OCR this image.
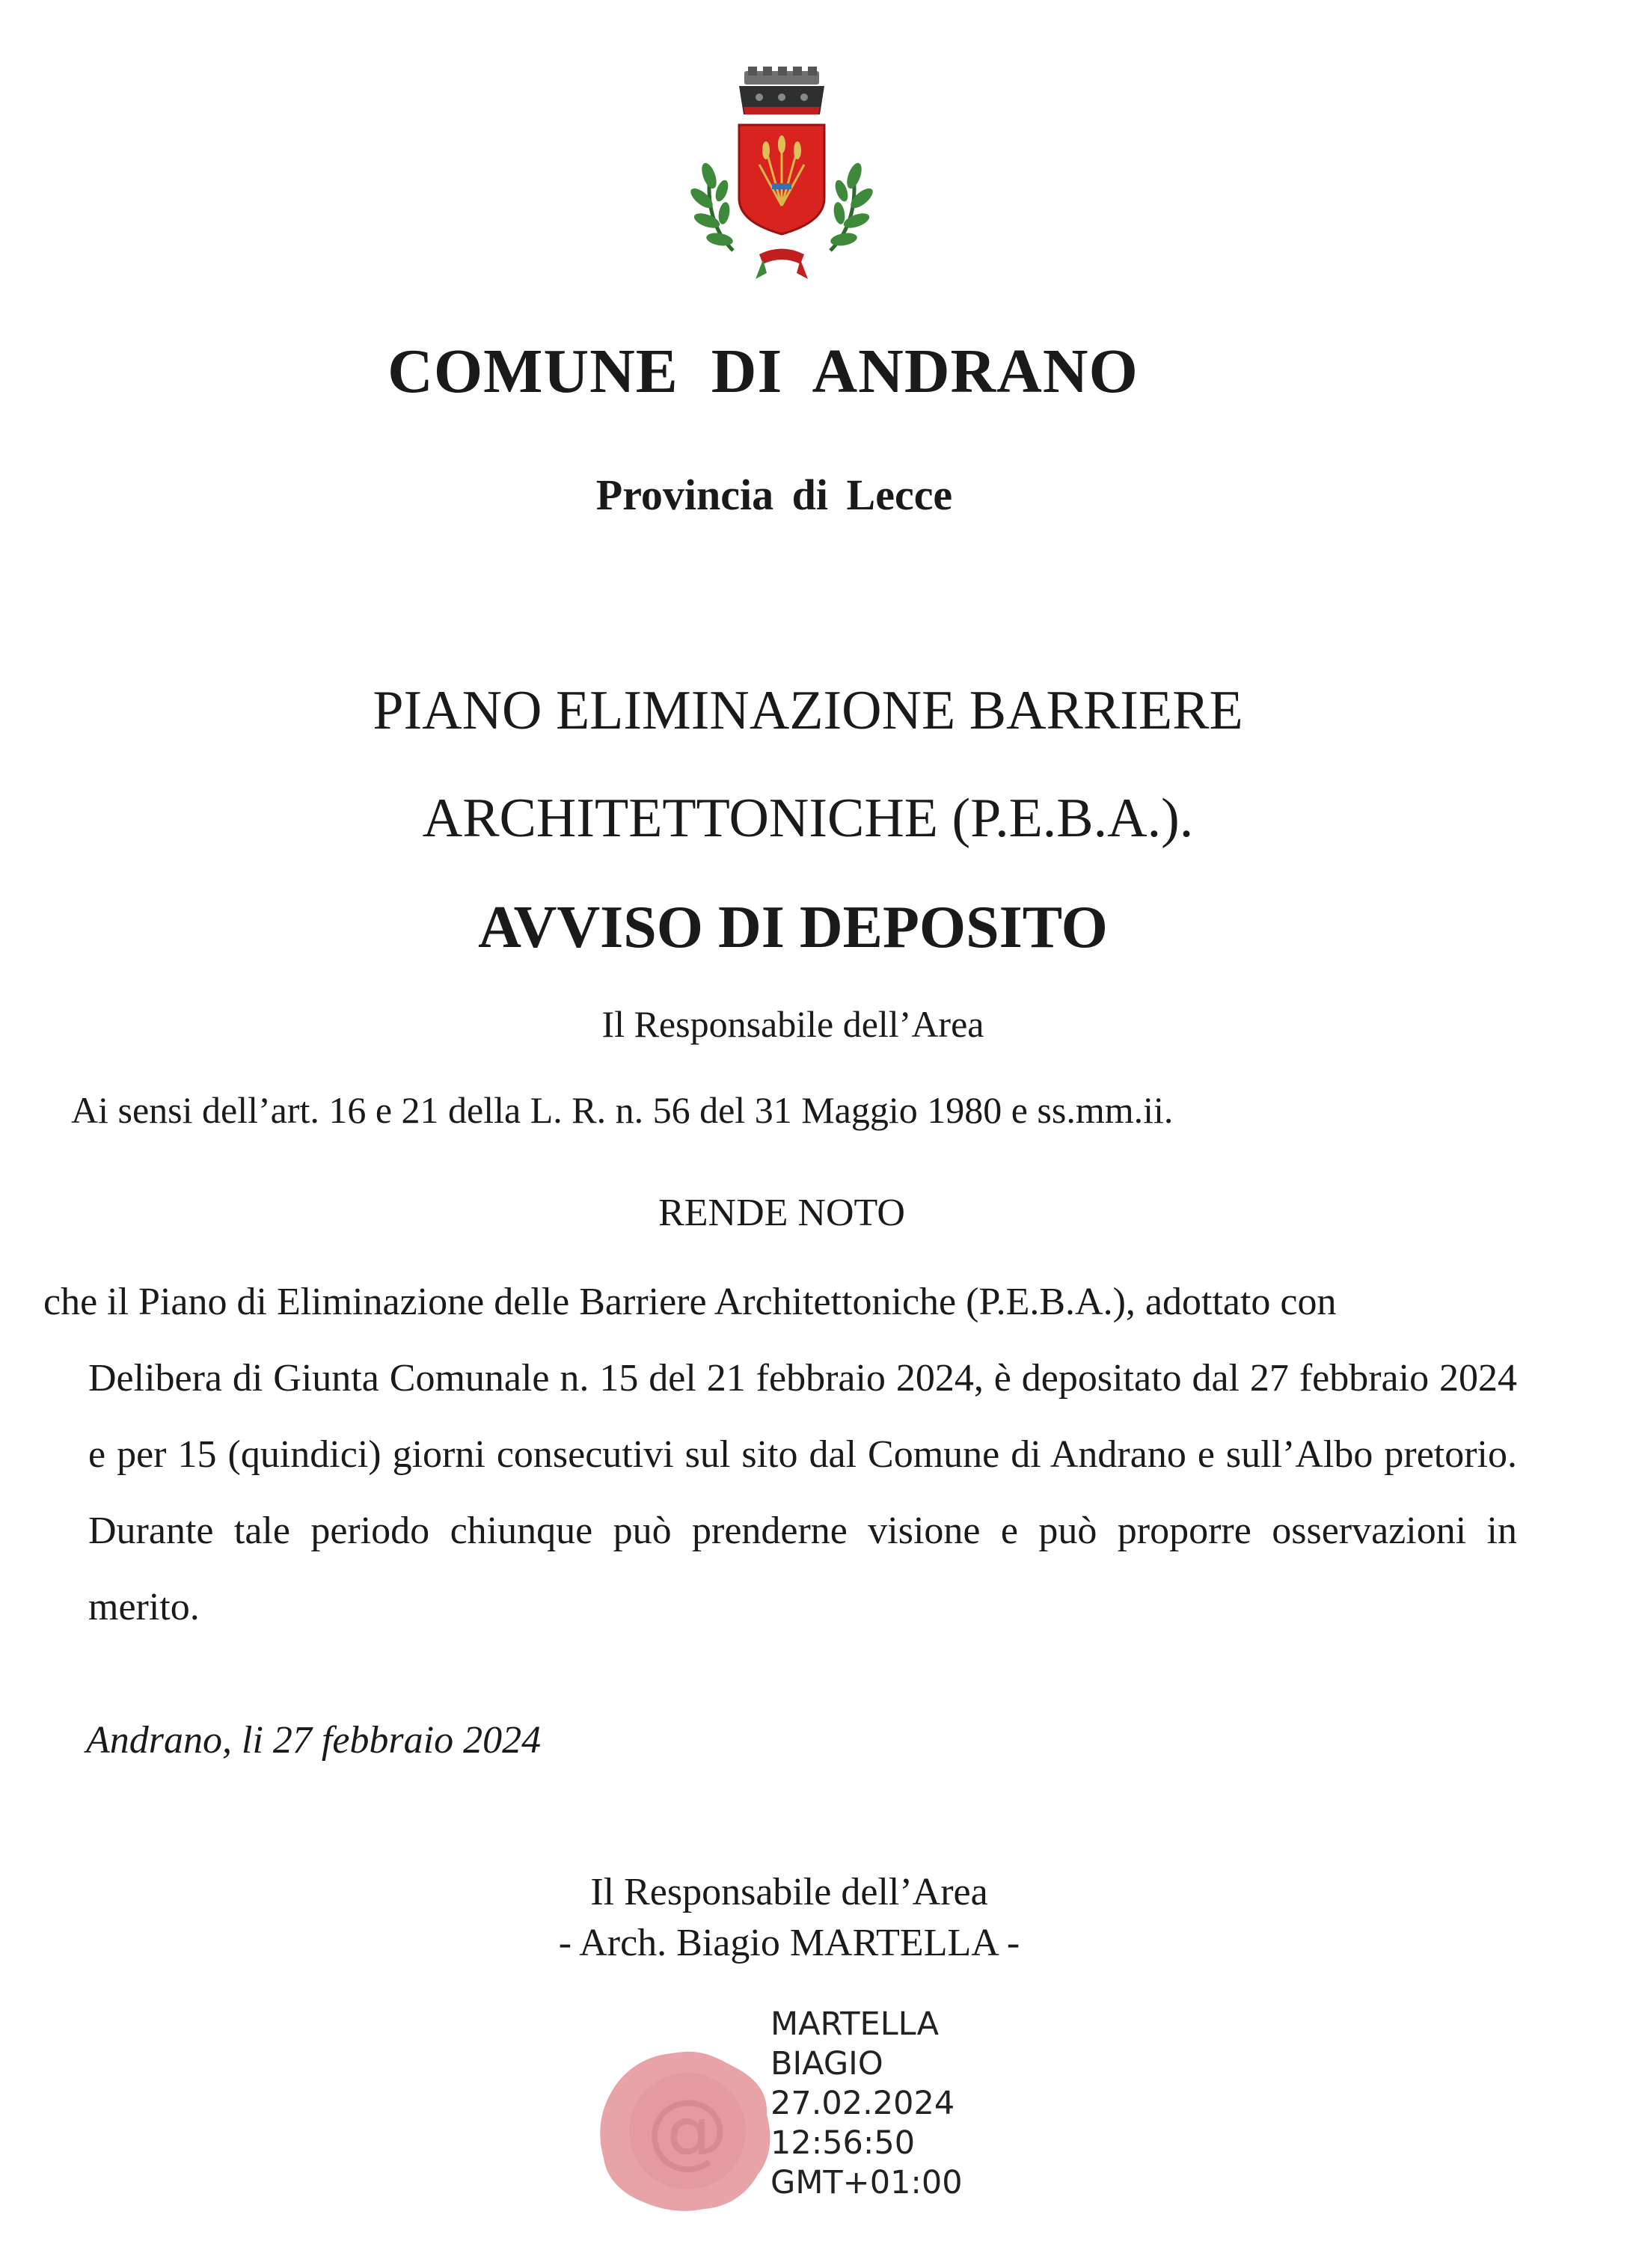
COMUNE DI ANDRANO
Provincia di Lecce
PIANO ELIMINAZIONE BARRIERE
ARCHITETTONICHE (P.E.B.A.).
AVVISO DI DEPOSITO
Il Responsabile dell’Area
Ai sensi dell’art. 16 e 21 della L. R. n. 56 del 31 Maggio 1980 e ss.mm.ii.
RENDE NOTO
che il Piano di Eliminazione delle Barriere Architettoniche (P.E.B.A.), adottato con
Delibera di Giunta Comunale n. 15 del 21 febbraio 2024, è depositato dal 27 febbraio 2024 e per 15 (quindici) giorni consecutivi sul sito dal Comune di Andrano e sull’Albo pretorio. Durante tale periodo chiunque può prenderne visione e può proporre osservazioni in merito.
Andrano, li 27 febbraio 2024
Il Responsabile dell’Area
- Arch. Biagio MARTELLA -
@
MARTELLA
BIAGIO
27.02.2024
12:56:50
GMT+01:00
